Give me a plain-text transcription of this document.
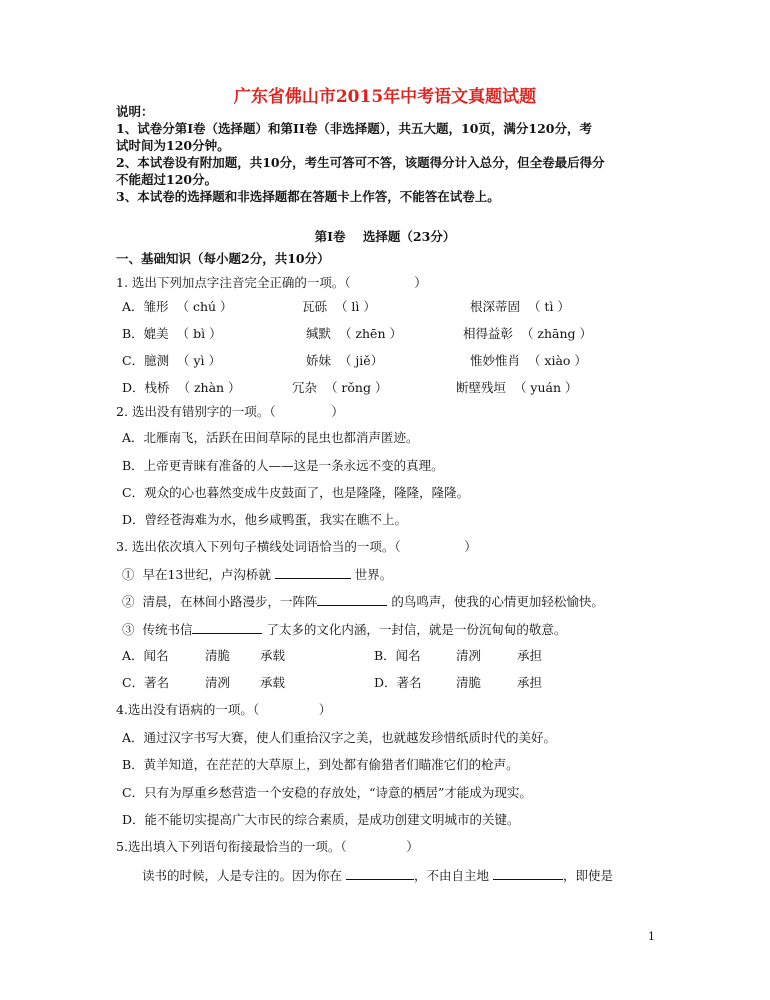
广东省佛山市2015年中考语文真题试题
说明：
1、试卷分第Ⅰ卷（选择题）和第II卷（非选择题），共五大题，10页，满分120分，考
试时间为120分钟。
2、本试卷设有附加题，共10分，考生可答可不答，该题得分计入总分，但全卷最后得分
不能超过120分。
3、本试卷的选择题和非选择题都在答题卡上作答，不能答在试卷上。
第Ⅰ卷    选择题（23分）
一、基础知识（每小题2分，共10分）
1. 选出下列加点字注音完全正确的一项。（                ）
A．雏形  （ chú ）	瓦砾  （ lì ）	根深蒂固  （ tì ）
B．媲美  （ bì ）	缄默  （ zhēn ）	相得益彰  （ zhāng ）
C．臆测  （ yì ）	娇妹  （ jiě）	惟妙惟肖  （ xiào ）
D．栈桥  （ zhàn ）	冗杂  （ rǒng ）	断壁残垣  （ yuán ）
2. 选出没有错别字的一项。（              ）
A．北雁南飞，活跃在田间草际的昆虫也都消声匿迹。
B．上帝更青睐有准备的人——这是一条永远不变的真理。
C．观众的心也暮然变成牛皮鼓面了，也是隆隆，隆隆，隆隆。
D．曾经苍海难为水，他乡咸鸭蛋，我实在瞧不上。
3. 选出依次填入下列句子横线处词语恰当的一项。（                ）
①  早在13世纪，卢沟桥就	世界。
②  清晨，在林间小路漫步，一阵阵	的鸟鸣声，使我的心情更加轻松愉快。
③  传统书信	了太多的文化内涵，一封信，就是一份沉甸甸的敬意。
A．闻名	清脆 承载	B．闻名	清冽	承担
C．著名	清冽 承载	D．著名	清脆	承担
4.选出没有语病的一项。（               ）
A．通过汉字书写大赛，使人们重拾汉字之美，也就越发珍惜纸质时代的美好。
B．黄羊知道，在茫茫的大草原上，到处都有偷猎者们瞄准它们的枪声。
C．只有为厚重乡愁营造一个安稳的存放处，“诗意的栖居”才能成为现实。
D．能不能切实提高广大市民的综合素质，是成功创建文明城市的关键。
5.选出填入下列语句衔接最恰当的一项。（               ）
读书的时候，人是专注的。因为你在	，不由自主地	，即使是
1
